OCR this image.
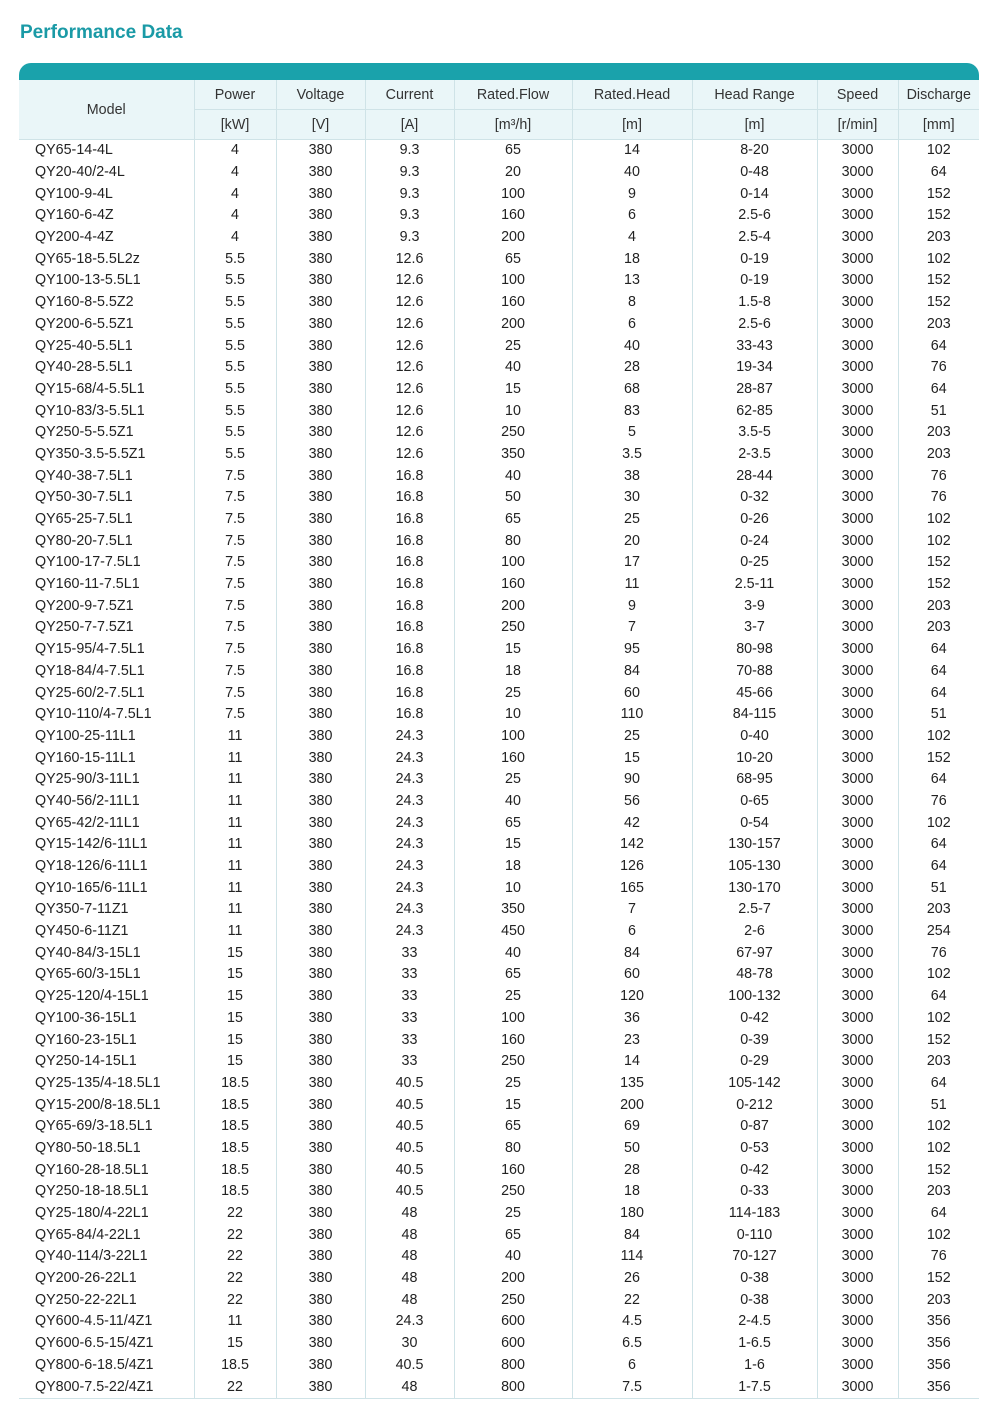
Performance Data
Model	Power	Voltage	Current	Rated.Flow	Rated.Head	Head Range	Speed	Discharge
	[kW]	[V]	[A]	[m³/h]	[m]	[m]	[r/min]	[mm]
QY65-14-4L	4	380	9.3	65	14	8-20	3000	102
QY20-40/2-4L	4	380	9.3	20	40	0-48	3000	64
QY100-9-4L	4	380	9.3	100	9	0-14	3000	152
QY160-6-4Z	4	380	9.3	160	6	2.5-6	3000	152
QY200-4-4Z	4	380	9.3	200	4	2.5-4	3000	203
QY65-18-5.5L2z	5.5	380	12.6	65	18	0-19	3000	102
QY100-13-5.5L1	5.5	380	12.6	100	13	0-19	3000	152
QY160-8-5.5Z2	5.5	380	12.6	160	8	1.5-8	3000	152
QY200-6-5.5Z1	5.5	380	12.6	200	6	2.5-6	3000	203
QY25-40-5.5L1	5.5	380	12.6	25	40	33-43	3000	64
QY40-28-5.5L1	5.5	380	12.6	40	28	19-34	3000	76
QY15-68/4-5.5L1	5.5	380	12.6	15	68	28-87	3000	64
QY10-83/3-5.5L1	5.5	380	12.6	10	83	62-85	3000	51
QY250-5-5.5Z1	5.5	380	12.6	250	5	3.5-5	3000	203
QY350-3.5-5.5Z1	5.5	380	12.6	350	3.5	2-3.5	3000	203
QY40-38-7.5L1	7.5	380	16.8	40	38	28-44	3000	76
QY50-30-7.5L1	7.5	380	16.8	50	30	0-32	3000	76
QY65-25-7.5L1	7.5	380	16.8	65	25	0-26	3000	102
QY80-20-7.5L1	7.5	380	16.8	80	20	0-24	3000	102
QY100-17-7.5L1	7.5	380	16.8	100	17	0-25	3000	152
QY160-11-7.5L1	7.5	380	16.8	160	11	2.5-11	3000	152
QY200-9-7.5Z1	7.5	380	16.8	200	9	3-9	3000	203
QY250-7-7.5Z1	7.5	380	16.8	250	7	3-7	3000	203
QY15-95/4-7.5L1	7.5	380	16.8	15	95	80-98	3000	64
QY18-84/4-7.5L1	7.5	380	16.8	18	84	70-88	3000	64
QY25-60/2-7.5L1	7.5	380	16.8	25	60	45-66	3000	64
QY10-110/4-7.5L1	7.5	380	16.8	10	110	84-115	3000	51
QY100-25-11L1	11	380	24.3	100	25	0-40	3000	102
QY160-15-11L1	11	380	24.3	160	15	10-20	3000	152
QY25-90/3-11L1	11	380	24.3	25	90	68-95	3000	64
QY40-56/2-11L1	11	380	24.3	40	56	0-65	3000	76
QY65-42/2-11L1	11	380	24.3	65	42	0-54	3000	102
QY15-142/6-11L1	11	380	24.3	15	142	130-157	3000	64
QY18-126/6-11L1	11	380	24.3	18	126	105-130	3000	64
QY10-165/6-11L1	11	380	24.3	10	165	130-170	3000	51
QY350-7-11Z1	11	380	24.3	350	7	2.5-7	3000	203
QY450-6-11Z1	11	380	24.3	450	6	2-6	3000	254
QY40-84/3-15L1	15	380	33	40	84	67-97	3000	76
QY65-60/3-15L1	15	380	33	65	60	48-78	3000	102
QY25-120/4-15L1	15	380	33	25	120	100-132	3000	64
QY100-36-15L1	15	380	33	100	36	0-42	3000	102
QY160-23-15L1	15	380	33	160	23	0-39	3000	152
QY250-14-15L1	15	380	33	250	14	0-29	3000	203
QY25-135/4-18.5L1	18.5	380	40.5	25	135	105-142	3000	64
QY15-200/8-18.5L1	18.5	380	40.5	15	200	0-212	3000	51
QY65-69/3-18.5L1	18.5	380	40.5	65	69	0-87	3000	102
QY80-50-18.5L1	18.5	380	40.5	80	50	0-53	3000	102
QY160-28-18.5L1	18.5	380	40.5	160	28	0-42	3000	152
QY250-18-18.5L1	18.5	380	40.5	250	18	0-33	3000	203
QY25-180/4-22L1	22	380	48	25	180	114-183	3000	64
QY65-84/4-22L1	22	380	48	65	84	0-110	3000	102
QY40-114/3-22L1	22	380	48	40	114	70-127	3000	76
QY200-26-22L1	22	380	48	200	26	0-38	3000	152
QY250-22-22L1	22	380	48	250	22	0-38	3000	203
QY600-4.5-11/4Z1	11	380	24.3	600	4.5	2-4.5	3000	356
QY600-6.5-15/4Z1	15	380	30	600	6.5	1-6.5	3000	356
QY800-6-18.5/4Z1	18.5	380	40.5	800	6	1-6	3000	356
QY800-7.5-22/4Z1	22	380	48	800	7.5	1-7.5	3000	356
